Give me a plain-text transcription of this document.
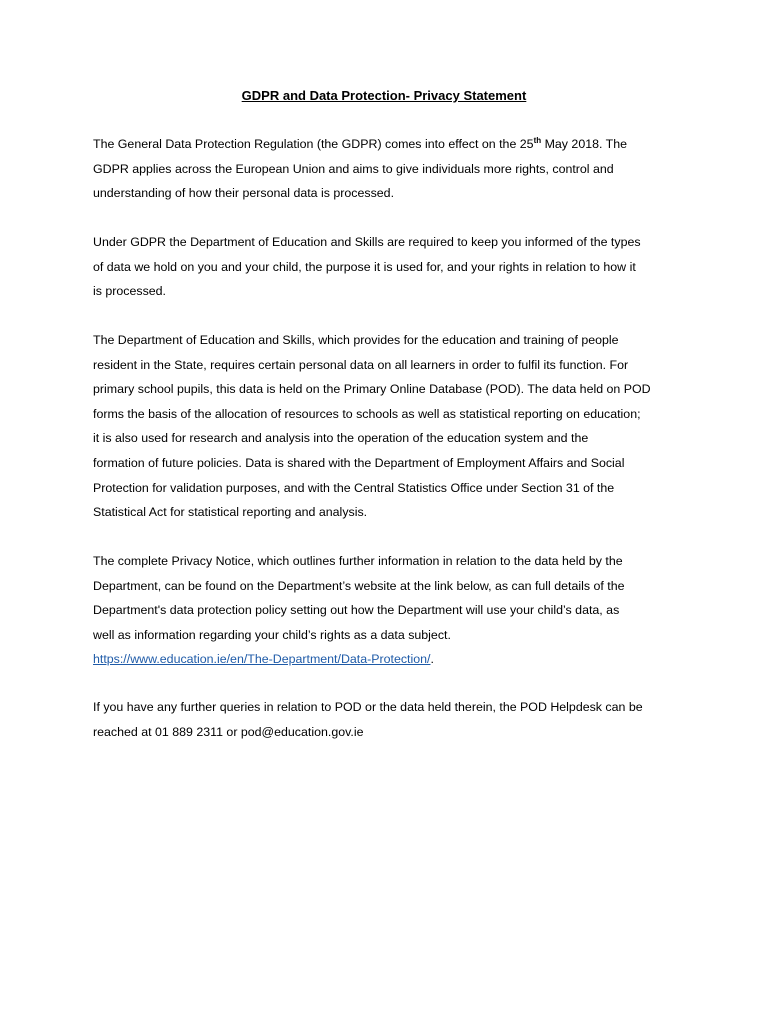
GDPR and Data Protection- Privacy Statement

The General Data Protection Regulation (the GDPR) comes into effect on the 25th May 2018. The
GDPR applies across the European Union and aims to give individuals more rights, control and
understanding of how their personal data is processed.

Under GDPR the Department of Education and Skills are required to keep you informed of the types
of data we hold on you and your child, the purpose it is used for, and your rights in relation to how it
is processed.

The Department of Education and Skills, which provides for the education and training of people
resident in the State, requires certain personal data on all learners in order to fulfil its function. For
primary school pupils, this data is held on the Primary Online Database (POD). The data held on POD
forms the basis of the allocation of resources to schools as well as statistical reporting on education;
it is also used for research and analysis into the operation of the education system and the
formation of future policies. Data is shared with the Department of Employment Affairs and Social
Protection for validation purposes, and with the Central Statistics Office under Section 31 of the
Statistical Act for statistical reporting and analysis.

The complete Privacy Notice, which outlines further information in relation to the data held by the
Department, can be found on the Department’s website at the link below, as can full details of the
Department's data protection policy setting out how the Department will use your child’s data, as
well as information regarding your child’s rights as a data subject.
https://www.education.ie/en/The-Department/Data-Protection/.

If you have any further queries in relation to POD or the data held therein, the POD Helpdesk can be
reached at 01 889 2311 or pod@education.gov.ie
